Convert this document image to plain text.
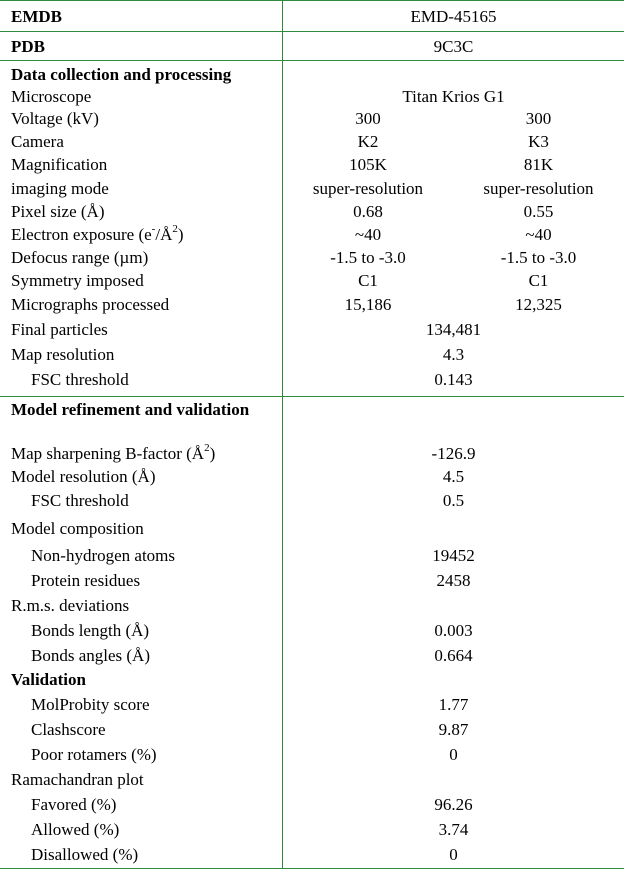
EMDB	EMD-45165
PDB	9C3C
Data collection and processing
Microscope	Titan Krios G1
Voltage (kV)	300	300
Camera	K2	K3
Magnification	105K	81K
imaging mode	super-resolution	super-resolution
Pixel size (Å)	0.68	0.55
Electron exposure $(e^-/Å^2)$	~40	~40
Defocus range (µm)	-1.5 to -3.0	-1.5 to -3.0
Symmetry imposed	C1	C1
Micrographs processed	15,186	12,325
Final particles	134,481
Map resolution	4.3
FSC threshold	0.143
Model refinement and validation
Map sharpening B-factor $(Å^2)$	-126.9
Model resolution (Å)	4.5
FSC threshold	0.5
Model composition
Non-hydrogen atoms	19452
Protein residues	2458
R.m.s. deviations
Bonds length (Å)	0.003
Bonds angles (Å)	0.664
Validation
MolProbity score	1.77
Clashscore	9.87
Poor rotamers (%)	0
Ramachandran plot
Favored (%)	96.26
Allowed (%)	3.74
Disallowed (%)	0
